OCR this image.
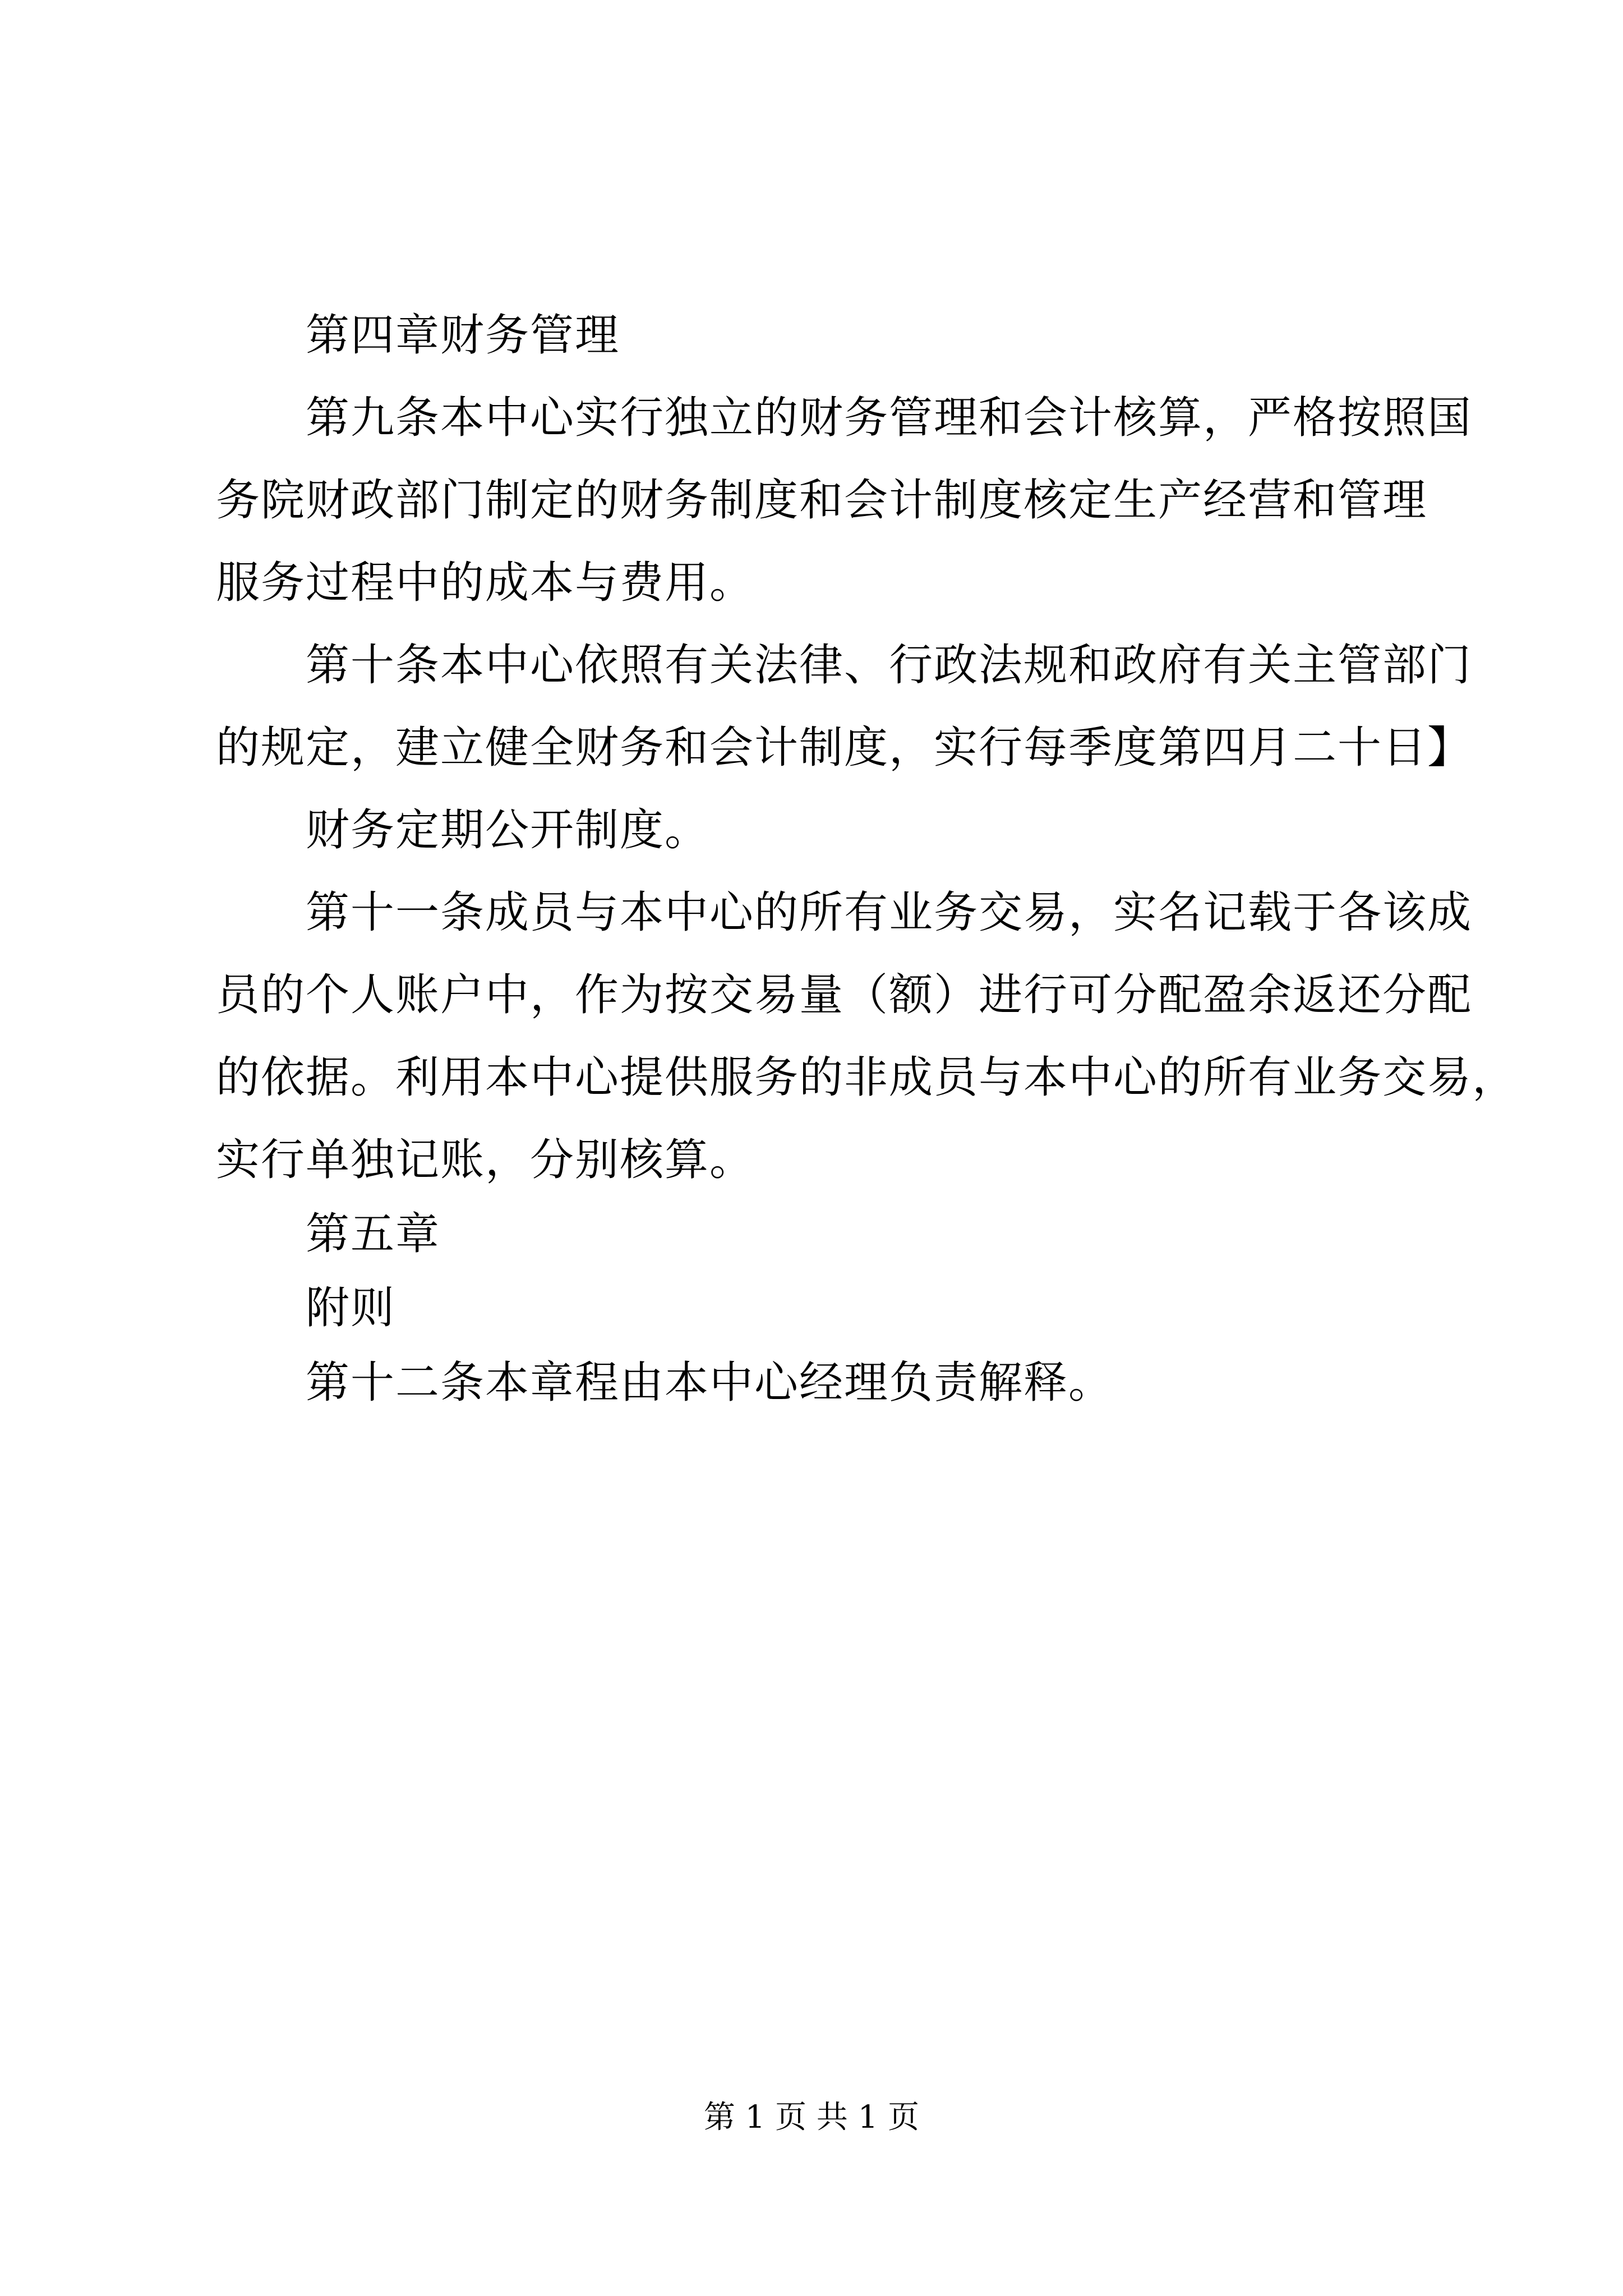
第四章财务管理
第九条本中心实行独立的财务管理和会计核算，严格按照国
务院财政部门制定的财务制度和会计制度核定生产经营和管理
服务过程中的成本与费用。
第十条本中心依照有关法律、行政法规和政府有关主管部门
的规定，建立健全财务和会计制度，实行每季度第四月二十日】
财务定期公开制度。
第十一条成员与本中心的所有业务交易，实名记载于各该成
员的个人账户中，作为按交易量（额）进行可分配盈余返还分配
的依据。利用本中心提供服务的非成员与本中心的所有业务交易，
实行单独记账，分别核算。
第五章
附则
第十二条本章程由本中心经理负责解释。
第 1 页 共 1 页
